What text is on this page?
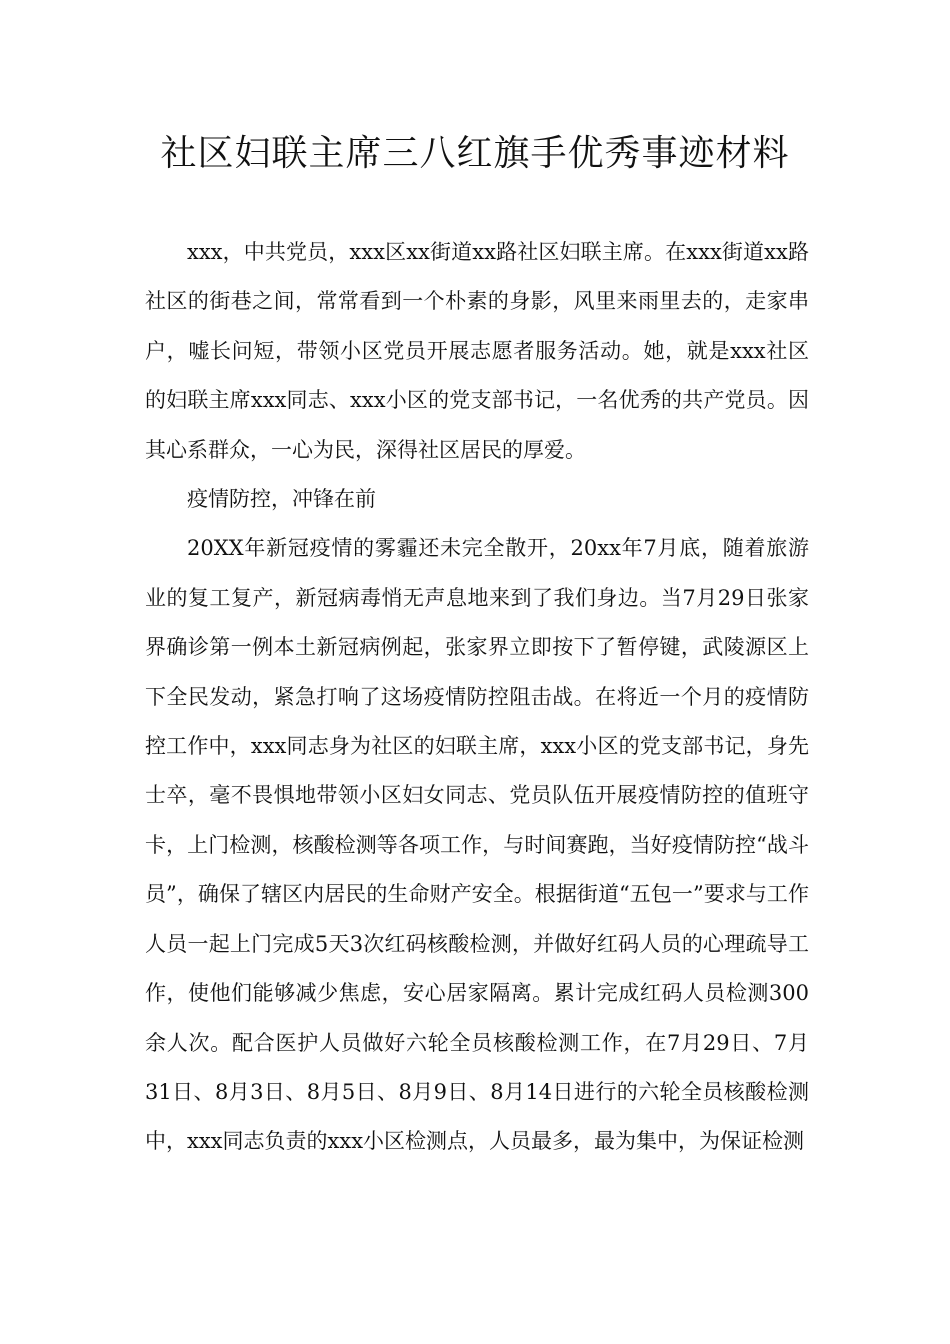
社区妇联主席三八红旗手优秀事迹材料

xxx，中共党员，xxx区xx街道xx路社区妇联主席。在xxx街道xx路社区的街巷之间，常常看到一个朴素的身影，风里来雨里去的，走家串户，嘘长问短，带领小区党员开展志愿者服务活动。她，就是xxx社区的妇联主席xxx同志、xxx小区的党支部书记，一名优秀的共产党员。因其心系群众，一心为民，深得社区居民的厚爱。

疫情防控，冲锋在前

20XX年新冠疫情的雾霾还未完全散开，20xx年7月底，随着旅游业的复工复产，新冠病毒悄无声息地来到了我们身边。当7月29日张家界确诊第一例本土新冠病例起，张家界立即按下了暂停键，武陵源区上下全民发动，紧急打响了这场疫情防控阻击战。在将近一个月的疫情防控工作中，xxx同志身为社区的妇联主席，xxx小区的党支部书记，身先士卒，毫不畏惧地带领小区妇女同志、党员队伍开展疫情防控的值班守卡，上门检测，核酸检测等各项工作，与时间赛跑，当好疫情防控“战斗员”，确保了辖区内居民的生命财产安全。根据街道“五包一”要求与工作人员一起上门完成5天3次红码核酸检测，并做好红码人员的心理疏导工作，使他们能够减少焦虑，安心居家隔离。累计完成红码人员检测300余人次。配合医护人员做好六轮全员核酸检测工作，在7月29日、7月31日、8月3日、8月5日、8月9日、8月14日进行的六轮全员核酸检测中，xxx同志负责的xxx小区检测点，人员最多，最为集中，为保证检测
